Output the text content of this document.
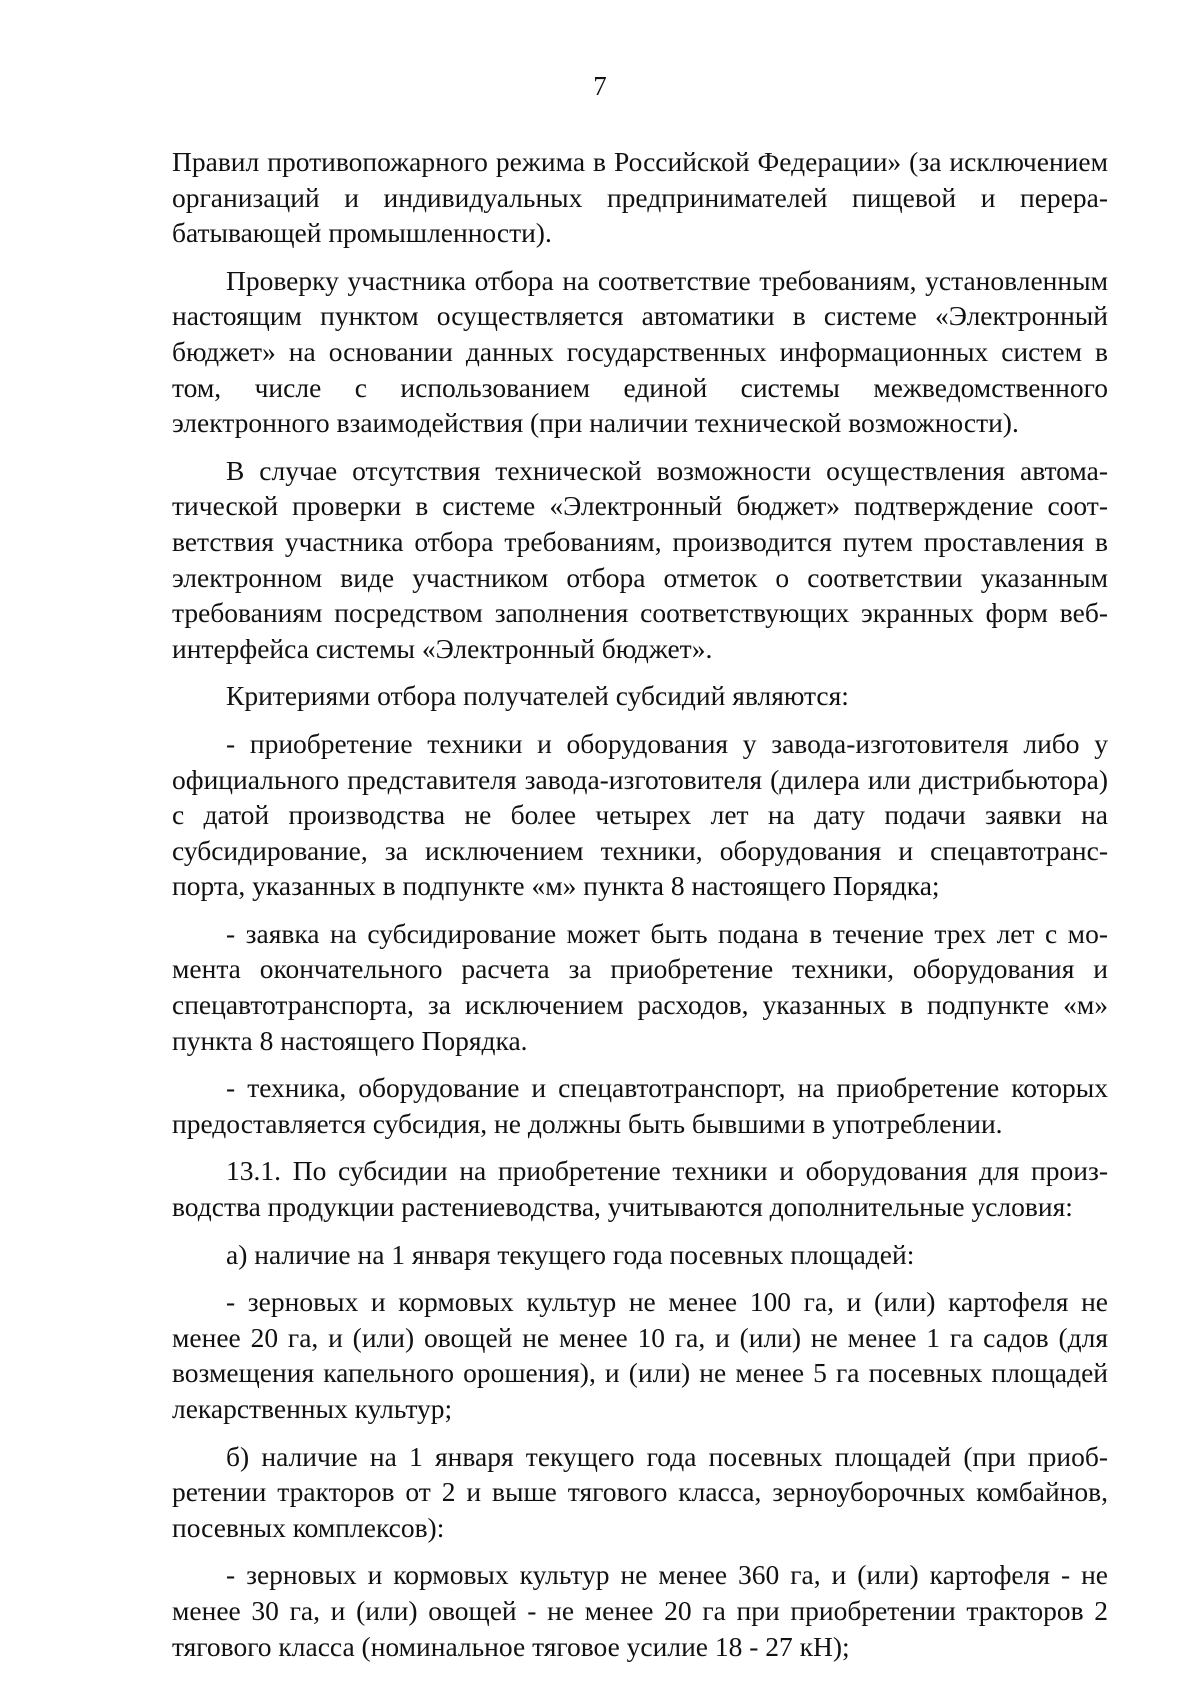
7

Правил противопожарного режима в Российской Федерации» (за исключением организаций и индивидуальных предпринимателей пищевой и перерабатывающей промышленности).

Проверку участника отбора на соответствие требованиям, установленным настоящим пунктом осуществляется автоматики в системе «Электронный бюджет» на основании данных государственных информационных систем в том, числе с использованием единой системы межведомственного электронного взаимодействия (при наличии технической возможности).

В случае отсутствия технической возможности осуществления автоматической проверки в системе «Электронный бюджет» подтверждение соответствия участника отбора требованиям, производится путем проставления в электронном виде участником отбора отметок о соответствии указанным требованиям посредством заполнения соответствующих экранных форм веб-интерфейса системы «Электронный бюджет».

Критериями отбора получателей субсидий являются:

- приобретение техники и оборудования у завода-изготовителя либо у официального представителя завода-изготовителя (дилера или дистрибьютора) с датой производства не более четырех лет на дату подачи заявки на субсидирование, за исключением техники, оборудования и спецавтотранспорта, указанных в подпункте «м» пункта 8 настоящего Порядка;

- заявка на субсидирование может быть подана в течение трех лет с момента окончательного расчета за приобретение техники, оборудования и спецавтотранспорта, за исключением расходов, указанных в подпункте «м» пункта 8 настоящего Порядка.

- техника, оборудование и спецавтотранспорт, на приобретение которых предоставляется субсидия, не должны быть бывшими в употреблении.

13.1. По субсидии на приобретение техники и оборудования для производства продукции растениеводства, учитываются дополнительные условия:

а) наличие на 1 января текущего года посевных площадей:

- зерновых и кормовых культур не менее 100 га, и (или) картофеля не менее 20 га, и (или) овощей не менее 10 га, и (или) не менее 1 га садов (для возмещения капельного орошения), и (или) не менее 5 га посевных площадей лекарственных культур;

б) наличие на 1 января текущего года посевных площадей (при приобретении тракторов от 2 и выше тягового класса, зерноуборочных комбайнов, посевных комплексов):

- зерновых и кормовых культур не менее 360 га, и (или) картофеля - не менее 30 га, и (или) овощей - не менее 20 га при приобретении тракторов 2 тягового класса (номинальное тяговое усилие 18 - 27 кН);
